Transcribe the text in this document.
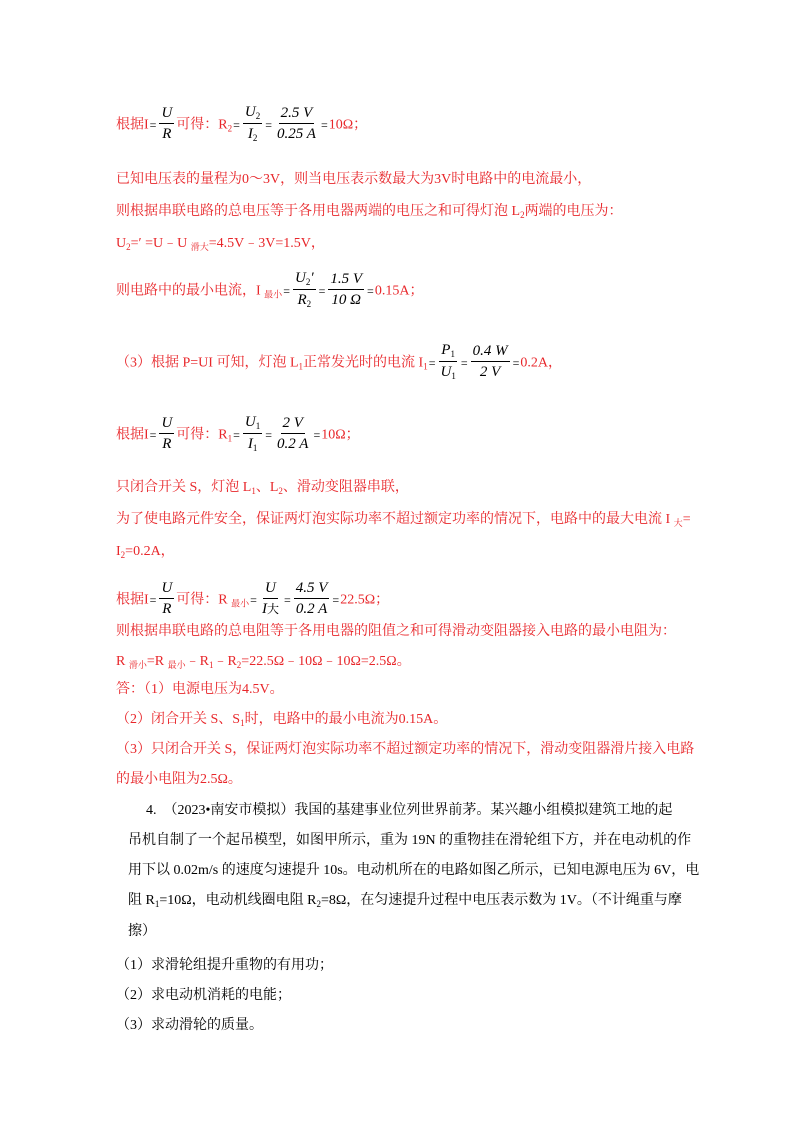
根据$I= \frac{U}{R}$ 可得：$R_2= \frac{U_2}{I_2} = \frac{2.5 V}{0.25 A} =10\Omega$；
已知电压表的量程为0～3V，则当电压表示数最大为3V时电路中的电流最小，
则根据串联电路的总电压等于各用电器两端的电压之和可得灯泡 $L_2$两端的电压为：
$U_2='$ =U﹣U $_{滑大}$=4.5V﹣3V=1.5V，
则电路中的最小电流，I $_{最小}= \frac{U_2'}{R_2} = \frac{1.5 V}{10 \Omega} =0.15A$；
（3）根据 P=UI 可知，灯泡 $L_1$正常发光时的电流 $I_1= \frac{P_1}{U_1} = \frac{0.4 W}{2 V} =0.2A$，
根据$I= \frac{U}{R}$ 可得：$R_1= \frac{U_1}{I_1} = \frac{2 V}{0.2 A} =10\Omega$；
只闭合开关 S，灯泡 $L_1$、$L_2$、滑动变阻器串联，
为了使电路元件安全，保证两灯泡实际功率不超过额定功率的情况下，电路中的最大电流 I $_大$=
$I_2=0.2A$，
根据$I= \frac{U}{R}$ 可得：R $_{最小}= \frac{U}{\text{I大}} = \frac{4.5 V}{0.2 A} =22.5\Omega$；
则根据串联电路的总电阻等于各用电器的阻值之和可得滑动变阻器接入电路的最小电阻为：
R $_{滑小}$=R $_{最小}﹣R_1﹣R_2=22.5\Omega﹣10\Omega﹣10\Omega=2.5\Omega$。
答：（1）电源电压为4.5V。
（2）闭合开关 S、$S_1$时，电路中的最小电流为0.15A。
（3）只闭合开关 S，保证两灯泡实际功率不超过额定功率的情况下，滑动变阻器滑片接入电路
的最小电阻为2.5Ω。
4.　（2023•南安市模拟）我国的基建事业位列世界前茅。某兴趣小组模拟建筑工地的起
吊机自制了一个起吊模型，如图甲所示，重为 19N 的重物挂在滑轮组下方，并在电动机的作
用下以 0.02m/s 的速度匀速提升 10s。电动机所在的电路如图乙所示，已知电源电压为 6V，电
阻 $R_1=10\Omega$，电动机线圈电阻 $R_2=8\Omega$，在匀速提升过程中电压表示数为 1V。（不计绳重与摩
擦）
（1）求滑轮组提升重物的有用功；
（2）求电动机消耗的电能；
（3）求动滑轮的质量。
